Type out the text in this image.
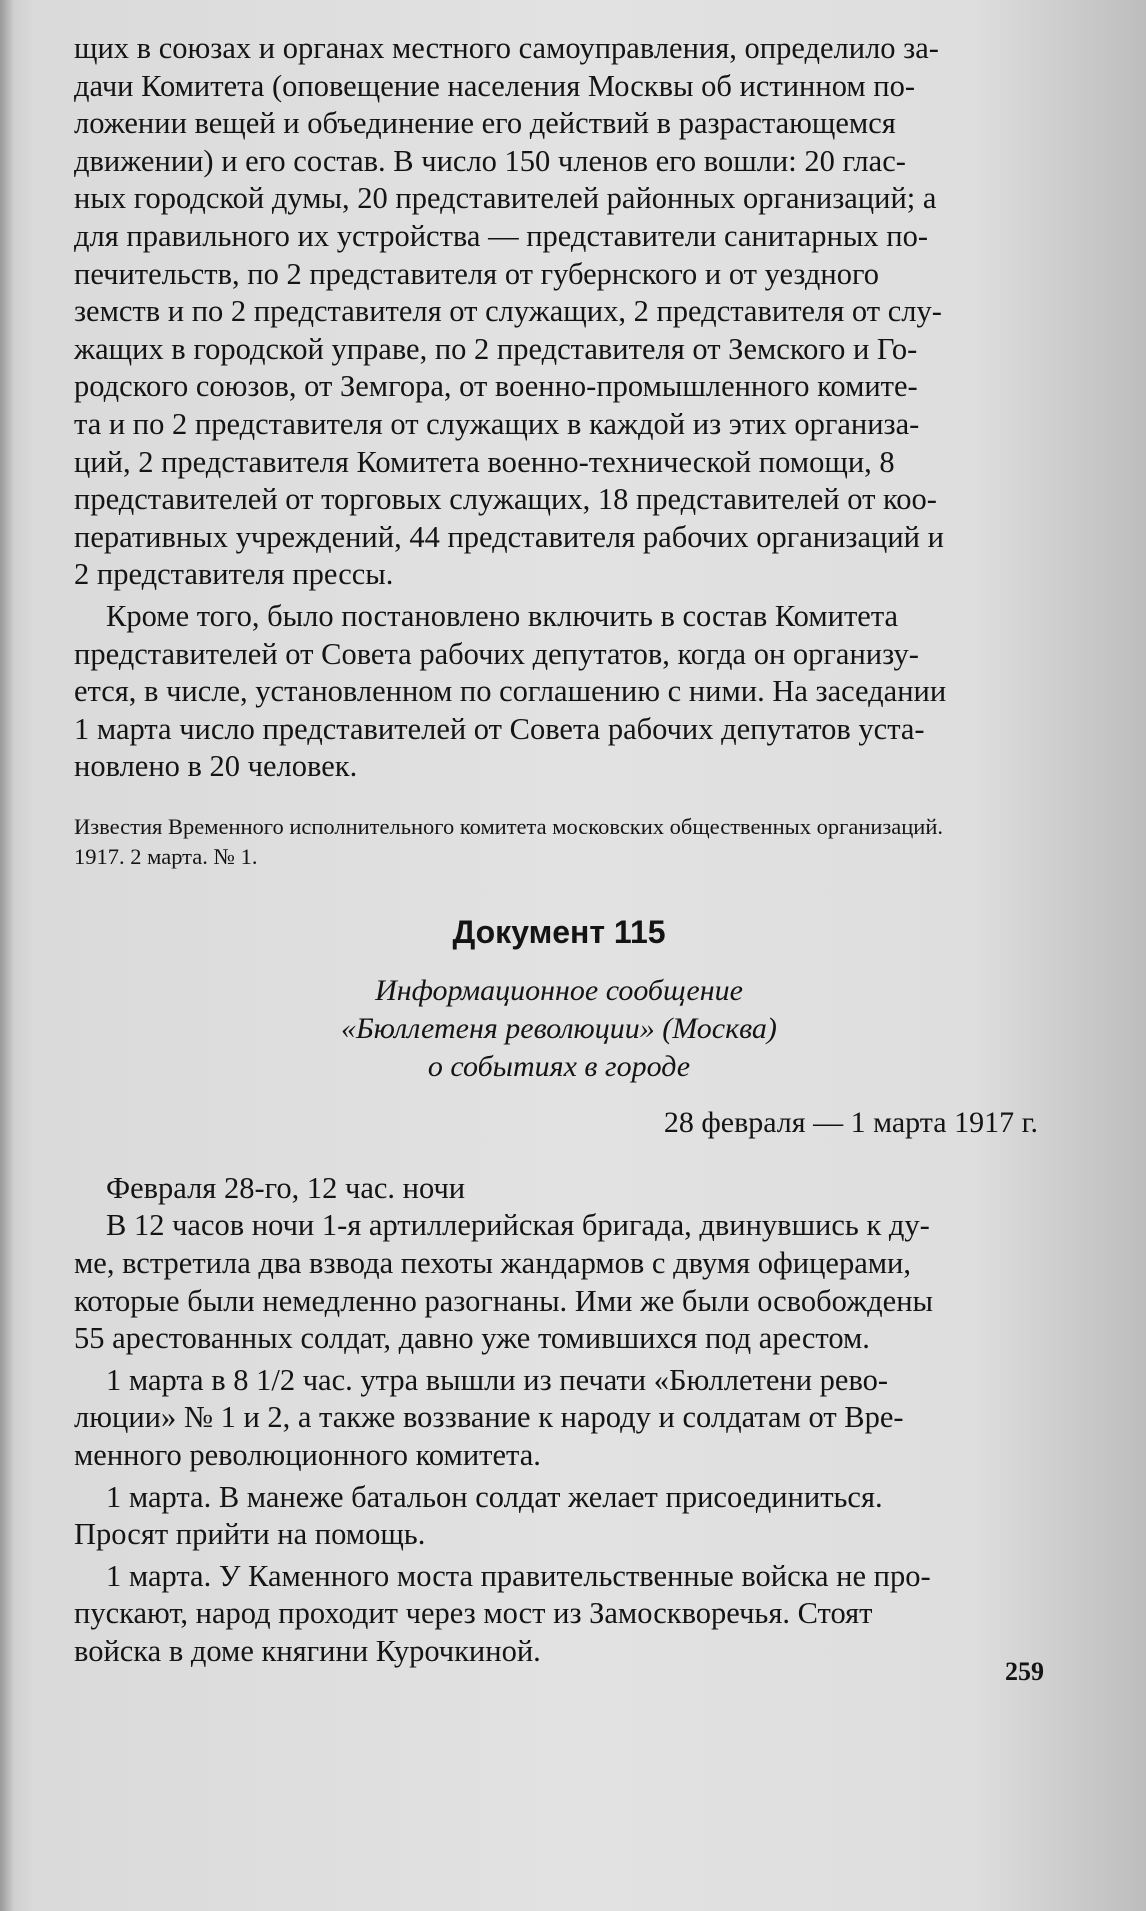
щих в союзах и органах местного самоуправления, определило за-
дачи Комитета (оповещение населения Москвы об истинном по-
ложении вещей и объединение его действий в разрастающемся
движении) и его состав. В число 150 членов его вошли: 20 глас-
ных городской думы, 20 представителей районных организаций; а
для правильного их устройства — представители санитарных по-
печительств, по 2 представителя от губернского и от уездного
земств и по 2 представителя от служащих, 2 представителя от слу-
жащих в городской управе, по 2 представителя от Земского и Го-
родского союзов, от Земгора, от военно-промышленного комите-
та и по 2 представителя от служащих в каждой из этих организа-
ций, 2 представителя Комитета военно-технической помощи, 8
представителей от торговых служащих, 18 представителей от коо-
перативных учреждений, 44 представителя рабочих организаций и
2 представителя прессы.

Кроме того, было постановлено включить в состав Комитета
представителей от Совета рабочих депутатов, когда он организу-
ется, в числе, установленном по соглашению с ними. На заседании
1 марта число представителей от Совета рабочих депутатов уста-
новлено в 20 человек.

Известия Временного исполнительного комитета московских общественных организаций.
1917. 2 марта. № 1.

Документ 115

Информационное сообщение
«Бюллетеня революции» (Москва)
о событиях в городе

28 февраля — 1 марта 1917 г.

Февраля 28-го, 12 час. ночи

В 12 часов ночи 1-я артиллерийская бригада, двинувшись к ду-
ме, встретила два взвода пехоты жандармов с двумя офицерами,
которые были немедленно разогнаны. Ими же были освобождены
55 арестованных солдат, давно уже томившихся под арестом.

1 марта в 8 1/2 час. утра вышли из печати «Бюллетени рево-
люции» № 1 и 2, а также воззвание к народу и солдатам от Вре-
менного революционного комитета.

1 марта. В манеже батальон солдат желает присоединиться.
Просят прийти на помощь.

1 марта. У Каменного моста правительственные войска не про-
пускают, народ проходит через мост из Замоскворечья. Стоят
войска в доме княгини Курочкиной.

259
